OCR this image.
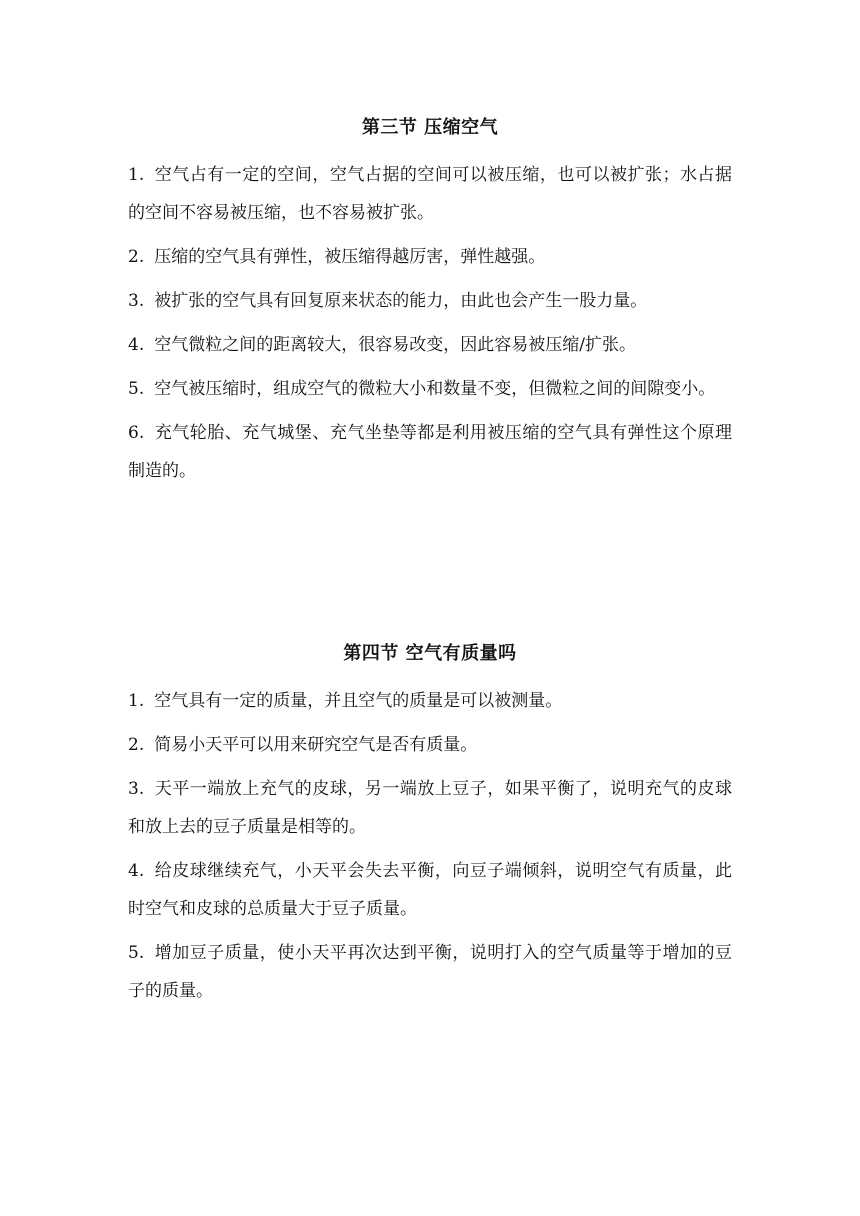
第三节 压缩空气

1. 空气占有一定的空间，空气占据的空间可以被压缩，也可以被扩张；水占据的空间不容易被压缩，也不容易被扩张。

2. 压缩的空气具有弹性，被压缩得越厉害，弹性越强。

3. 被扩张的空气具有回复原来状态的能力，由此也会产生一股力量。

4. 空气微粒之间的距离较大，很容易改变，因此容易被压缩/扩张。

5. 空气被压缩时，组成空气的微粒大小和数量不变，但微粒之间的间隙变小。

6. 充气轮胎、充气城堡、充气坐垫等都是利用被压缩的空气具有弹性这个原理制造的。

第四节 空气有质量吗

1. 空气具有一定的质量，并且空气的质量是可以被测量。

2. 简易小天平可以用来研究空气是否有质量。

3. 天平一端放上充气的皮球，另一端放上豆子，如果平衡了，说明充气的皮球和放上去的豆子质量是相等的。

4. 给皮球继续充气，小天平会失去平衡，向豆子端倾斜，说明空气有质量，此时空气和皮球的总质量大于豆子质量。

5. 增加豆子质量，使小天平再次达到平衡，说明打入的空气质量等于增加的豆子的质量。
